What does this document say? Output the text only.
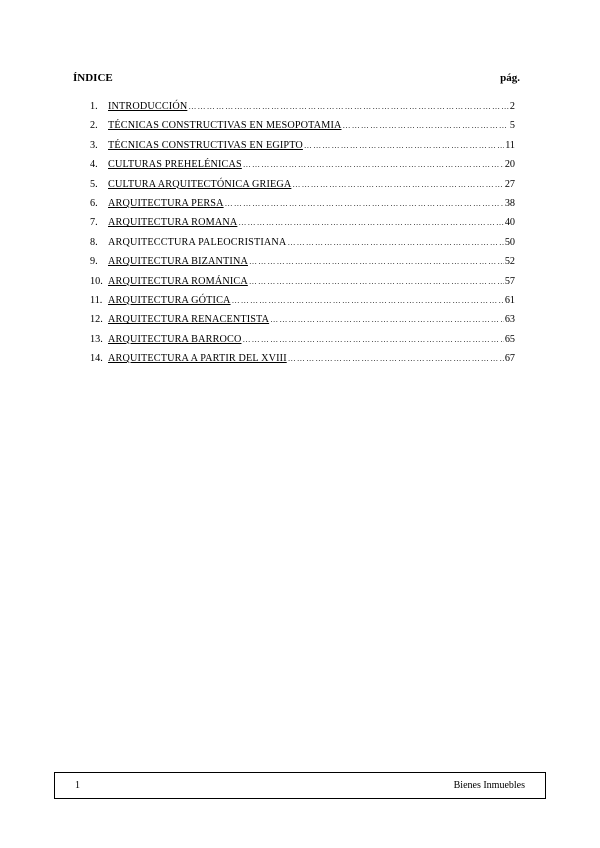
ÍNDICE	pág.
1.	INTRODUCCIÓN ………………………………………………………………………………………………………………………………………	2
2.	TÉCNICAS CONSTRUCTIVAS EN MESOPOTAMIA ………………………………………………………………………………………………………………………………………	5
3.	TÉCNICAS CONSTRUCTIVAS EN EGIPTO ………………………………………………………………………………………………………………………………………	11
4.	CULTURAS PREHELÉNICAS ………………………………………………………………………………………………………………………………………	20
5.	CULTURA ARQUITECTÓNICA GRIEGA ………………………………………………………………………………………………………………………………………	27
6.	ARQUITECTURA PERSA ………………………………………………………………………………………………………………………………………	38
7.	ARQUITECTURA ROMANA ………………………………………………………………………………………………………………………………………	40
8.	ARQUITECCTURA PALEOCRISTIANA ………………………………………………………………………………………………………………………………………	50
9.	ARQUITECTURA BIZANTINA ………………………………………………………………………………………………………………………………………	52
10. ARQUITECTURA ROMÁNICA ………………………………………………………………………………………………………………………………………	57
11. ARQUITECTURA GÓTICA ………………………………………………………………………………………………………………………………………	61
12. ARQUITECTURA RENACENTISTA ………………………………………………………………………………………………………………………………………	63
13. ARQUITECTURA BARROCO ………………………………………………………………………………………………………………………………………	65
14. ARQUITECTURA A PARTIR DEL XVIII ………………………………………………………………………………………………………………………………………	67
1	Bienes Inmuebles
